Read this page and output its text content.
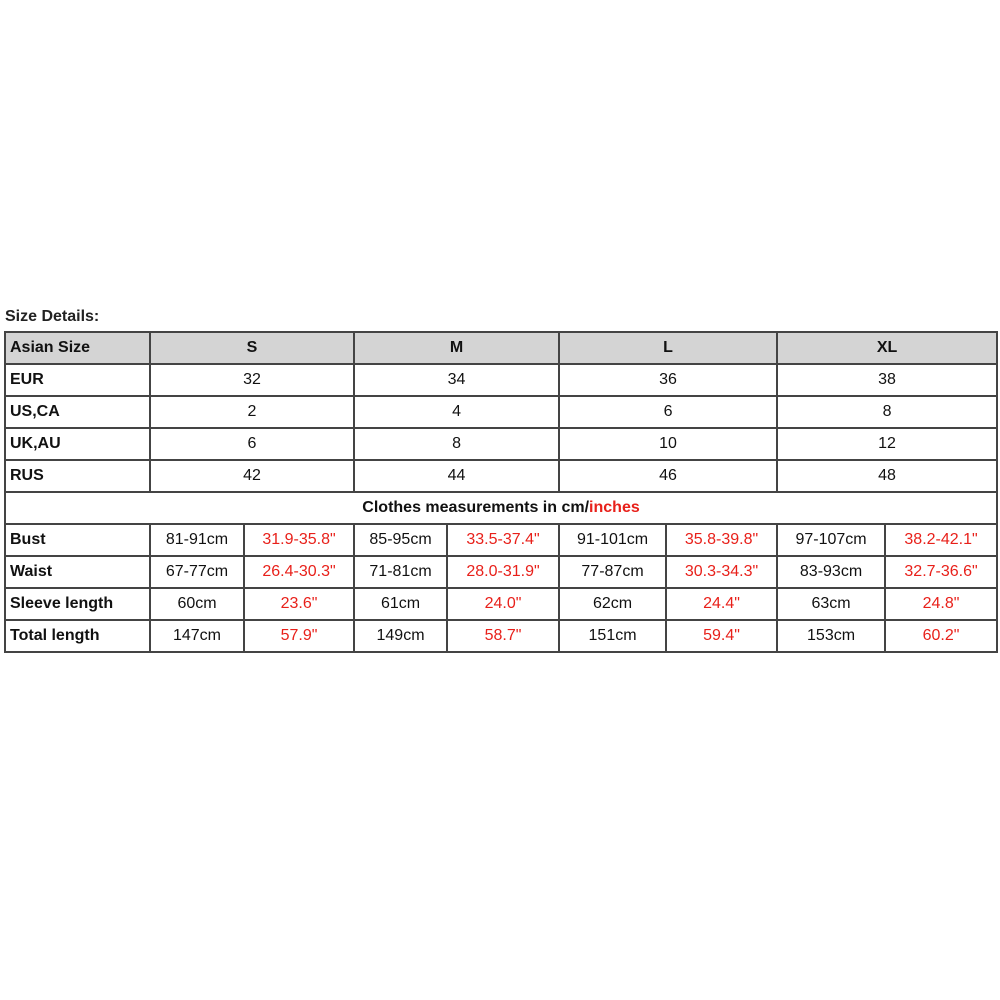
Size Details:
Asian Size	S		M		L		XL	
EUR	32		34		36		38	
US,CA	2		4		6		8	
UK,AU	6		8		10		12	
RUS	42		44		46		48	
Clothes measurements in cm/inches								
Bust	81-91cm	31.9-35.8"	85-95cm	33.5-37.4"	91-101cm	35.8-39.8"	97-107cm	38.2-42.1"
Waist	67-77cm	26.4-30.3"	71-81cm	28.0-31.9"	77-87cm	30.3-34.3"	83-93cm	32.7-36.6"
Sleeve length	60cm	23.6"	61cm	24.0"	62cm	24.4"	63cm	24.8"
Total length	147cm	57.9"	149cm	58.7"	151cm	59.4"	153cm	60.2"
